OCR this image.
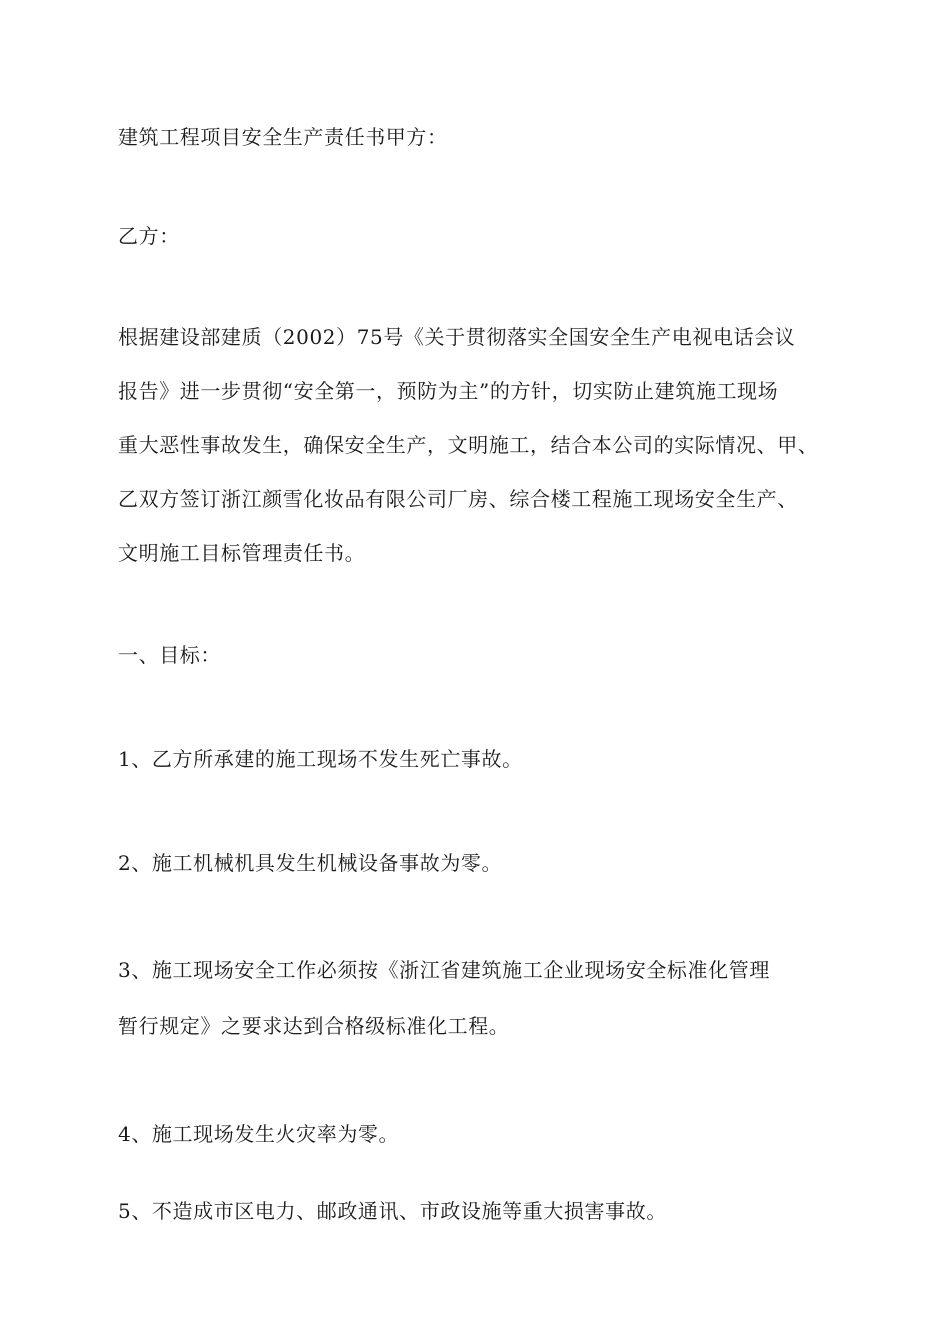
建筑工程项目安全生产责任书甲方：
乙方：
根据建设部建质（2002）75号《关于贯彻落实全国安全生产电视电话会议
报告》进一步贯彻“安全第一，预防为主”的方针，切实防止建筑施工现场
重大恶性事故发生，确保安全生产，文明施工，结合本公司的实际情况、甲、
乙双方签订浙江颜雪化妆品有限公司厂房、综合楼工程施工现场安全生产、
文明施工目标管理责任书。
一、目标：
1、乙方所承建的施工现场不发生死亡事故。
2、施工机械机具发生机械设备事故为零。
3、施工现场安全工作必须按《浙江省建筑施工企业现场安全标准化管理
暂行规定》之要求达到合格级标准化工程。
4、施工现场发生火灾率为零。
5、不造成市区电力、邮政通讯、市政设施等重大损害事故。
